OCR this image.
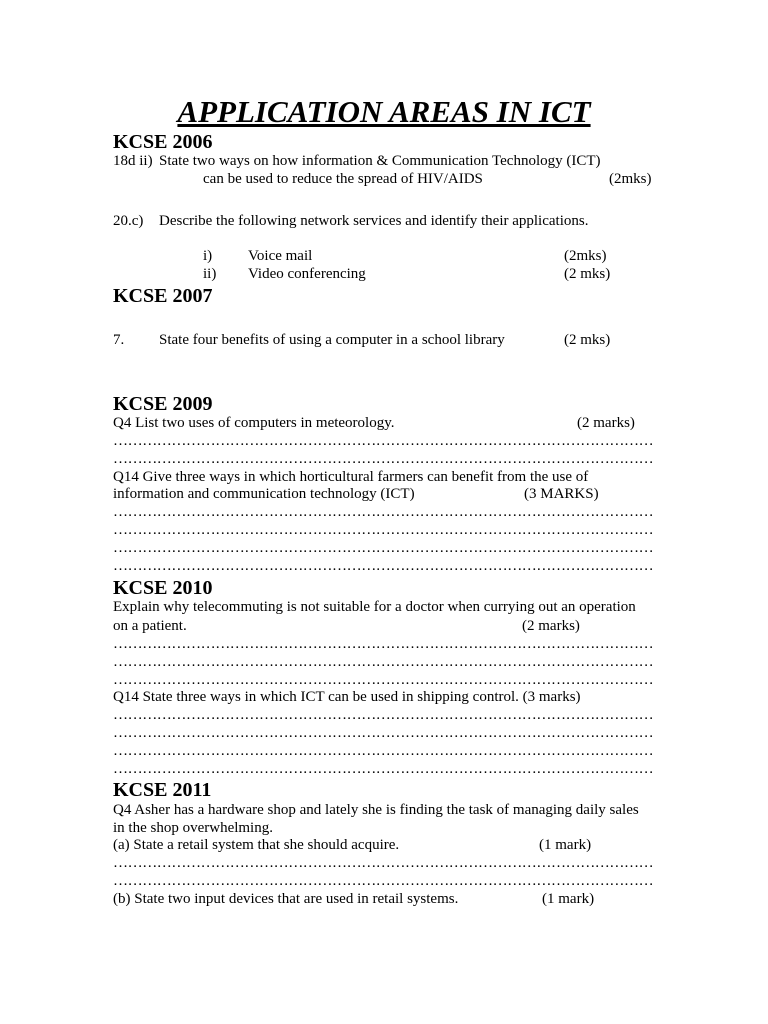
APPLICATION AREAS IN ICT
KCSE 2006
18d ii) State two ways on how information & Communication Technology (ICT)
can be used to reduce the spread of HIV/AIDS	(2mks)
20.c) Describe the following network services and identify their applications.
i) Voice mail	(2mks)
ii) Video conferencing	(2 mks)
KCSE 2007
7. State four benefits of using a computer in a school library	(2 mks)
KCSE 2009
Q4 List two uses of computers in meteorology.	(2 marks)
…………………………………………………………………………………………………
…………………………………………………………………………………………………
Q14 Give three ways in which horticultural farmers can benefit from the use of
information and communication technology (ICT)	(3 MARKS)
…………………………………………………………………………………………………
…………………………………………………………………………………………………
…………………………………………………………………………………………………
…………………………………………………………………………………………………
KCSE 2010
Explain why telecommuting is not suitable for a doctor when currying out an operation
on a patient.	(2 marks)
…………………………………………………………………………………………………
…………………………………………………………………………………………………
…………………………………………………………………………………………………
Q14 State three ways in which ICT can be used in shipping control. (3 marks)
…………………………………………………………………………………………………
…………………………………………………………………………………………………
…………………………………………………………………………………………………
…………………………………………………………………………………………………
KCSE 2011
Q4 Asher has a hardware shop and lately she is finding the task of managing daily sales
in the shop overwhelming.
(a) State a retail system that she should acquire.	(1 mark)
…………………………………………………………………………………………………
…………………………………………………………………………………………………
(b) State two input devices that are used in retail systems.	(1 mark)
